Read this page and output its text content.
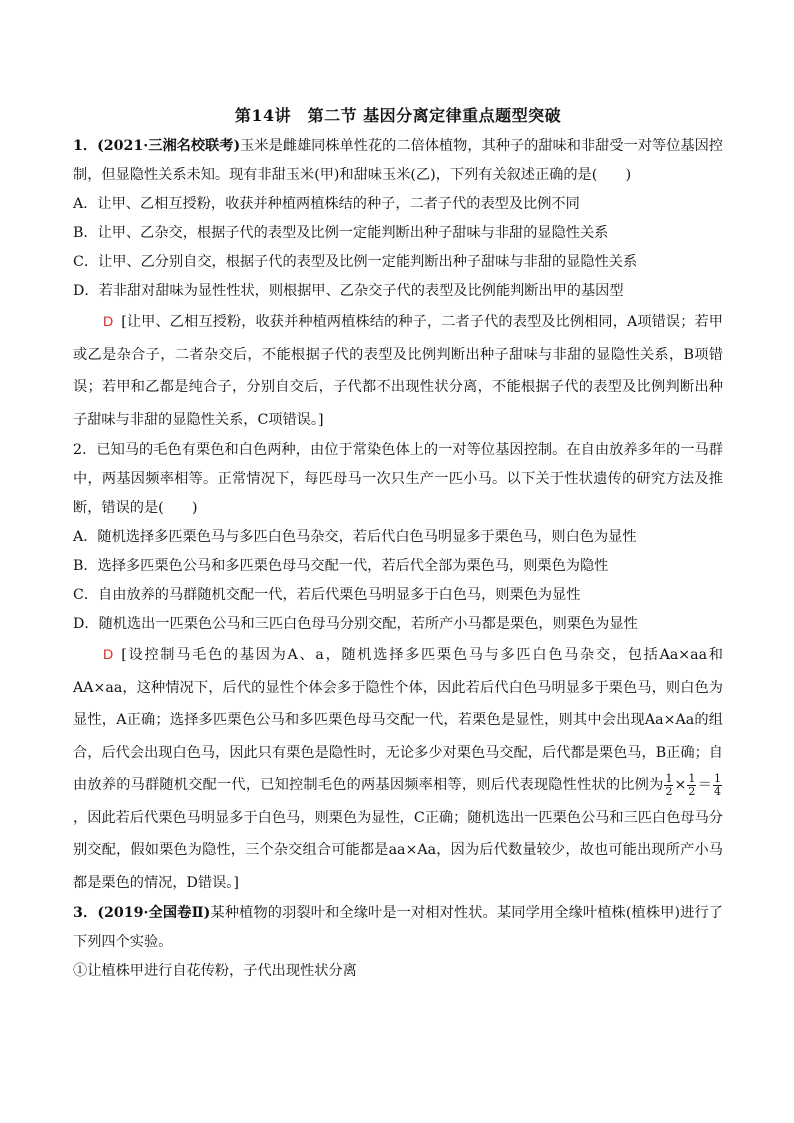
第14讲　第二节 基因分离定律重点题型突破
1．(2021·三湘名校联考)玉米是雌雄同株单性花的二倍体植物，其种子的甜味和非甜受一对等位基因控制，但显隐性关系未知。现有非甜玉米(甲)和甜味玉米(乙)，下列有关叙述正确的是(　　)
A．让甲、乙相互授粉，收获并种植两植株结的种子，二者子代的表型及比例不同
B．让甲、乙杂交，根据子代的表型及比例一定能判断出种子甜味与非甜的显隐性关系
C．让甲、乙分别自交，根据子代的表型及比例一定能判断出种子甜味与非甜的显隐性关系
D．若非甜对甜味为显性性状，则根据甲、乙杂交子代的表型及比例能判断出甲的基因型
D [让甲、乙相互授粉，收获并种植两植株结的种子，二者子代的表型及比例相同，A项错误；若甲或乙是杂合子，二者杂交后，不能根据子代的表型及比例判断出种子甜味与非甜的显隐性关系，B项错误；若甲和乙都是纯合子，分别自交后，子代都不出现性状分离，不能根据子代的表型及比例判断出种子甜味与非甜的显隐性关系，C项错误。]
2．已知马的毛色有栗色和白色两种，由位于常染色体上的一对等位基因控制。在自由放养多年的一马群中，两基因频率相等。正常情况下，每匹母马一次只生产一匹小马。以下关于性状遗传的研究方法及推断，错误的是(　　)
A．随机选择多匹栗色马与多匹白色马杂交，若后代白色马明显多于栗色马，则白色为显性
B．选择多匹栗色公马和多匹栗色母马交配一代，若后代全部为栗色马，则栗色为隐性
C．自由放养的马群随机交配一代，若后代栗色马明显多于白色马，则栗色为显性
D．随机选出一匹栗色公马和三匹白色母马分别交配，若所产小马都是栗色，则栗色为显性
D [设控制马毛色的基因为A、a，随机选择多匹栗色马与多匹白色马杂交，包括Aa×aa和AA×aa，这种情况下，后代的显性个体会多于隐性个体，因此若后代白色马明显多于栗色马，则白色为显性，A正确；选择多匹栗色公马和多匹栗色母马交配一代，若栗色是显性，则其中会出现Aa×Aa的组合，后代会出现白色马，因此只有栗色是隐性时，无论多少对栗色马交配，后代都是栗色马，B正确；自由放养的马群随机交配一代，已知控制毛色的两基因频率相等，则后代表现隐性性状的比例为 $\frac{1}{2} \times \frac{1}{2} = \frac{1}{4}$
，因此若后代栗色马明显多于白色马，则栗色为显性，C正确；随机选出一匹栗色公马和三匹白色母马分别交配，假如栗色为隐性，三个杂交组合可能都是aa×Aa，因为后代数量较少，故也可能出现所产小马都是栗色的情况，D错误。]
3．(2019·全国卷Ⅱ)某种植物的羽裂叶和全缘叶是一对相对性状。某同学用全缘叶植株(植株甲)进行了下列四个实验。
①让植株甲进行自花传粉，子代出现性状分离
